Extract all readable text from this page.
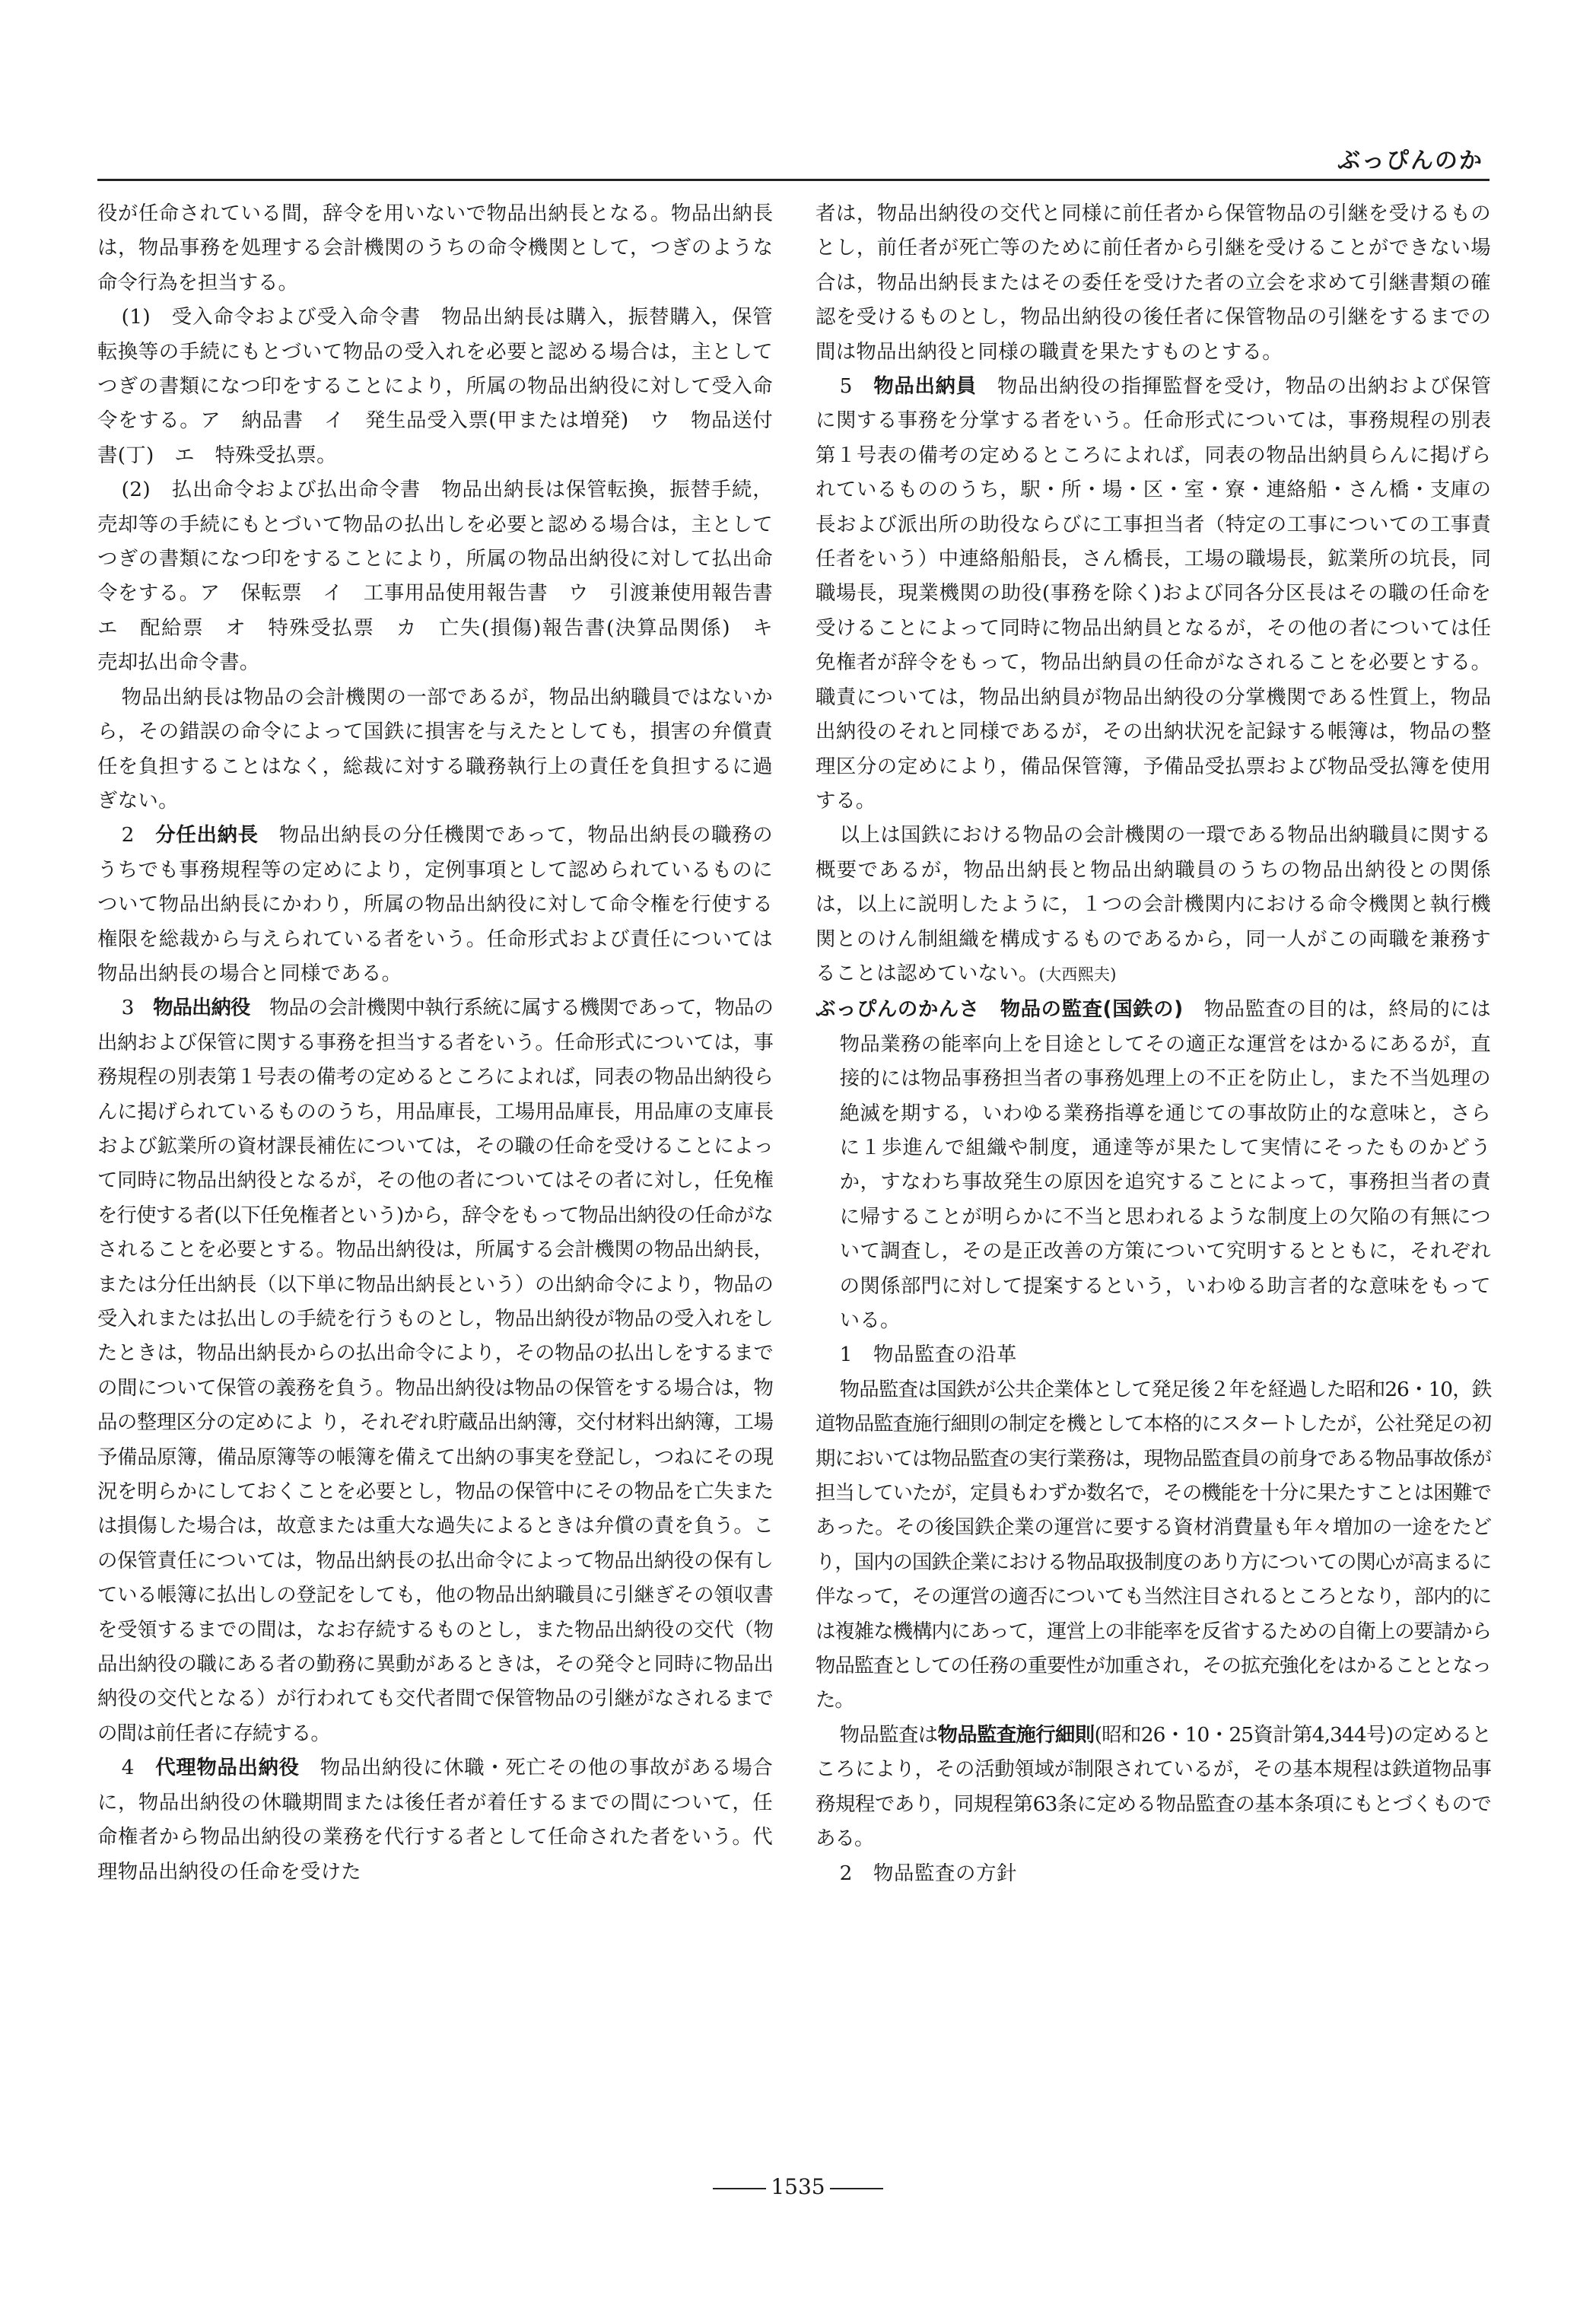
ぶっぴんのか

役が任命されている間，辞令を用いないで物品出納長となる。物品出納長は，物品事務を処理する会計機関のうちの命令機関として，つぎのような命令行為を担当する。

(1)　受入命令および受入命令書　物品出納長は購入，振替購入，保管転換等の手続にもとづいて物品の受入れを必要と認める場合は，主としてつぎの書類になつ印をすることにより，所属の物品出納役に対して受入命令をする。ア　納品書　イ　発生品受入票(甲または増発)　ウ　物品送付書(丁)　エ　特殊受払票。

(2)　払出命令および払出命令書　物品出納長は保管転換，振替手続，売却等の手続にもとづいて物品の払出しを必要と認める場合は，主としてつぎの書類になつ印をすることにより，所属の物品出納役に対して払出命令をする。ア　保転票　イ　工事用品使用報告書　ウ　引渡兼使用報告書　エ　配給票　オ　特殊受払票　カ　亡失(損傷)報告書(決算品関係)　キ　売却払出命令書。

物品出納長は物品の会計機関の一部であるが，物品出納職員ではないから，その錯誤の命令によって国鉄に損害を与えたとしても，損害の弁償責任を負担することはなく，総裁に対する職務執行上の責任を負担するに過ぎない。

2　 分任出納長　 物品出納長の分任機関であって，物品出納長の職務のうちでも事務規程等の定めにより，定例事項として認められているものについて物品出納長にかわり，所属の物品出納役に対して命令権を行使する権限を総裁から与えられている者をいう。任命形式および責任については物品出納長の場合と同様である。

3　 物品出納役　 物品の会計機関中執行系統に属する機関であって，物品の出納および保管に関する事務を担当する者をいう。任命形式については，事務規程の別表第１号表の備考の定めるところによれば，同表の物品出納役らんに掲げられているもののうち，用品庫長，工場用品庫長，用品庫の支庫長および鉱業所の資材課長補佐については，その職の任命を受けることによって同時に物品出納役となるが，その他の者についてはその者に対し，任免権を行使する者(以下任免権者という)から，辞令をもって物品出納役の任命がなされることを必要とする。物品出納役は，所属する会計機関の物品出納長，または分任出納長（以下単に物品出納長という）の出納命令により，物品の受入れまたは払出しの手続を行うものとし，物品出納役が物品の受入れをしたときは，物品出納長からの払出命令により，その物品の払出しをするまでの間について保管の義務を負う。物品出納役は物品の保管をする場合は，物品の整理区分の定めによ り，それぞれ貯蔵品出納簿，交付材料出納簿，工場予備品原簿，備品原簿等の帳簿を備えて出納の事実を登記し，つねにその現況を明らかにしておくことを必要とし，物品の保管中にその物品を亡失または損傷した場合は，故意または重大な過失によるときは弁償の責を負う。この保管責任については，物品出納長の払出命令によって物品出納役の保有している帳簿に払出しの登記をしても，他の物品出納職員に引継ぎその領収書を受領するまでの間は，なお存続するものとし，また物品出納役の交代（物品出納役の職にある者の勤務に異動があるときは，その発令と同時に物品出納役の交代となる）が行われても交代者間で保管物品の引継がなされるまでの間は前任者に存続する。

4　 代理物品出納役　 物品出納役に休職・死亡その他の事故がある場合に，物品出納役の休職期間または後任者が着任するまでの間について，任命権者から物品出納役の業務を代行する者として任命された者をいう。代理物品出納役の任命を受けた

者は，物品出納役の交代と同様に前任者から保管物品の引継を受けるものとし，前任者が死亡等のために前任者から引継を受けることができない場合は，物品出納長またはその委任を受けた者の立会を求めて引継書類の確認を受けるものとし，物品出納役の後任者に保管物品の引継をするまでの間は物品出納役と同様の職責を果たすものとする。

5　 物品出納員　 物品出納役の指揮監督を受け，物品の出納および保管に関する事務を分掌する者をいう。任命形式については，事務規程の別表第１号表の備考の定めるところによれば，同表の物品出納員らんに掲げられているもののうち，駅・所・場・区・室・寮・連絡船・さん橋・支庫の長および派出所の助役ならびに工事担当者（特定の工事についての工事責任者をいう）中連絡船船長，さん橋長，工場の職場長，鉱業所の坑長，同職場長，現業機関の助役(事務を除く)および同各分区長はその職の任命を受けることによって同時に物品出納員となるが，その他の者については任免権者が辞令をもって，物品出納員の任命がなされることを必要とする。職責については，物品出納員が物品出納役の分掌機関である性質上，物品出納役のそれと同様であるが，その出納状況を記録する帳簿は，物品の整理区分の定めにより，備品保管簿，予備品受払票および物品受払簿を使用する。

以上は国鉄における物品の会計機関の一環である物品出納職員に関する概要であるが，物品出納長と物品出納職員のうちの物品出納役との関係は，以上に説明したように，１つの会計機関内における命令機関と執行機関とのけん制組織を構成するものであるから，同一人がこの両職を兼務することは認めていない。(大西熙夫)

ぶっぴんのかんさ　物品の監査(国鉄の)　 物品監査の目的は，終局的には物品業務の能率向上を目途としてその適正な運営をはかるにあるが，直接的には物品事務担当者の事務処理上の不正を防止し，また不当処理の絶滅を期する，いわゆる業務指導を通じての事故防止的な意味と，さらに１歩進んで組織や制度，通達等が果たして実情にそったものかどうか，すなわち事故発生の原因を追究することによって，事務担当者の責に帰することが明らかに不当と思われるような制度上の欠陥の有無について調査し，その是正改善の方策について究明するとともに，それぞれの関係部門に対して提案するという，いわゆる助言者的な意味をもっている。

1　物品監査の沿革

物品監査は国鉄が公共企業体として発足後２年を経過した昭和26・10，鉄道物品監査施行細則の制定を機として本格的にスタートしたが，公社発足の初期においては物品監査の実行業務は，現物品監査員の前身である物品事故係が担当していたが，定員もわずか数名で，その機能を十分に果たすことは困難であった。その後国鉄企業の運営に要する資材消費量も年々増加の一途をたどり，国内の国鉄企業における物品取扱制度のあり方についての関心が高まるに伴なって，その運営の適否についても当然注目されるところとなり，部内的には複雑な機構内にあって，運営上の非能率を反省するための自衛上の要請から物品監査としての任務の重要性が加重され，その拡充強化をはかることとなった。

物品監査は物品監査施行細則(昭和26・10・25資計第4,344号)の定めるところにより，その活動領域が制限されているが，その基本規程は鉄道物品事務規程であり，同規程第63条に定める物品監査の基本条項にもとづくものである。

2　物品監査の方針

1535
